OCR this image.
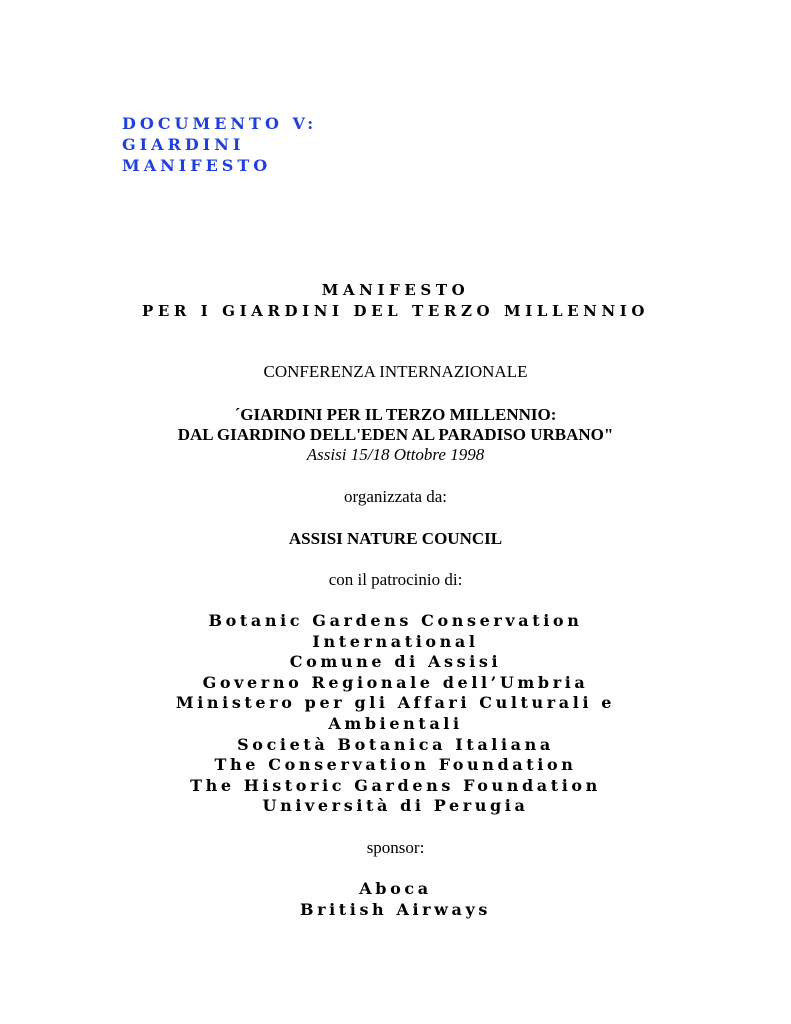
DOCUMENTO V:
GIARDINI
MANIFESTO
MANIFESTO
PER I GIARDINI DEL TERZO MILLENNIO
CONFERENZA INTERNAZIONALE
´GIARDINI PER IL TERZO MILLENNIO:
DAL GIARDINO DELL'EDEN AL PARADISO URBANO"
Assisi 15/18 Ottobre 1998
organizzata da:
ASSISI NATURE COUNCIL
con il patrocinio di:
Botanic Gardens Conservation
International
Comune di Assisi
Governo Regionale dell’Umbria
Ministero per gli Affari Culturali e
Ambientali
Società Botanica Italiana
The Conservation Foundation
The Historic Gardens Foundation
Università di Perugia
sponsor:
Aboca
British Airways
